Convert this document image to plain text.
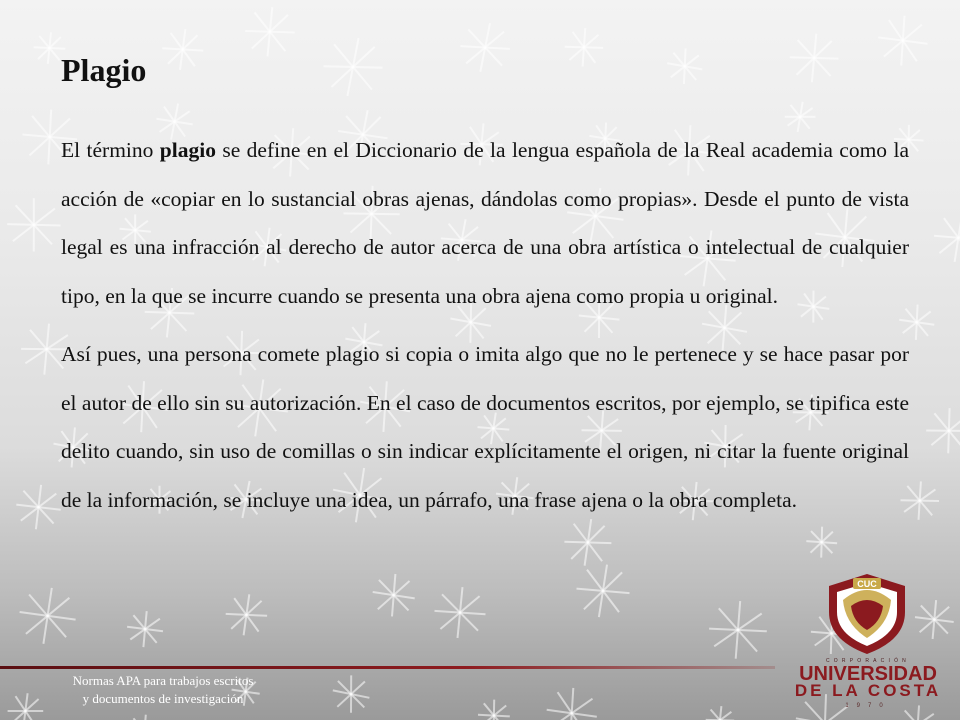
Plagio

El término plagio se define en el Diccionario de la lengua española de la Real academia como la acción de «copiar en lo sustancial obras ajenas, dándolas como propias». Desde el punto de vista legal es una infracción al derecho de autor acerca de una obra artística o intelectual de cualquier tipo, en la que se incurre cuando se presenta una obra ajena como propia u original.

Así pues, una persona comete plagio si copia o imita algo que no le pertenece y se hace pasar por el autor de ello sin su autorización. En el caso de documentos escritos, por ejemplo, se tipifica este delito cuando, sin uso de comillas o sin indicar explícitamente el origen, ni citar la fuente original de la información, se incluye una idea, un párrafo, una frase ajena o la obra completa.

Normas APA para trabajos escritos
y documentos de investigación
CUC
CORPORACIÓN
UNIVERSIDAD
DE LA COSTA
1970
